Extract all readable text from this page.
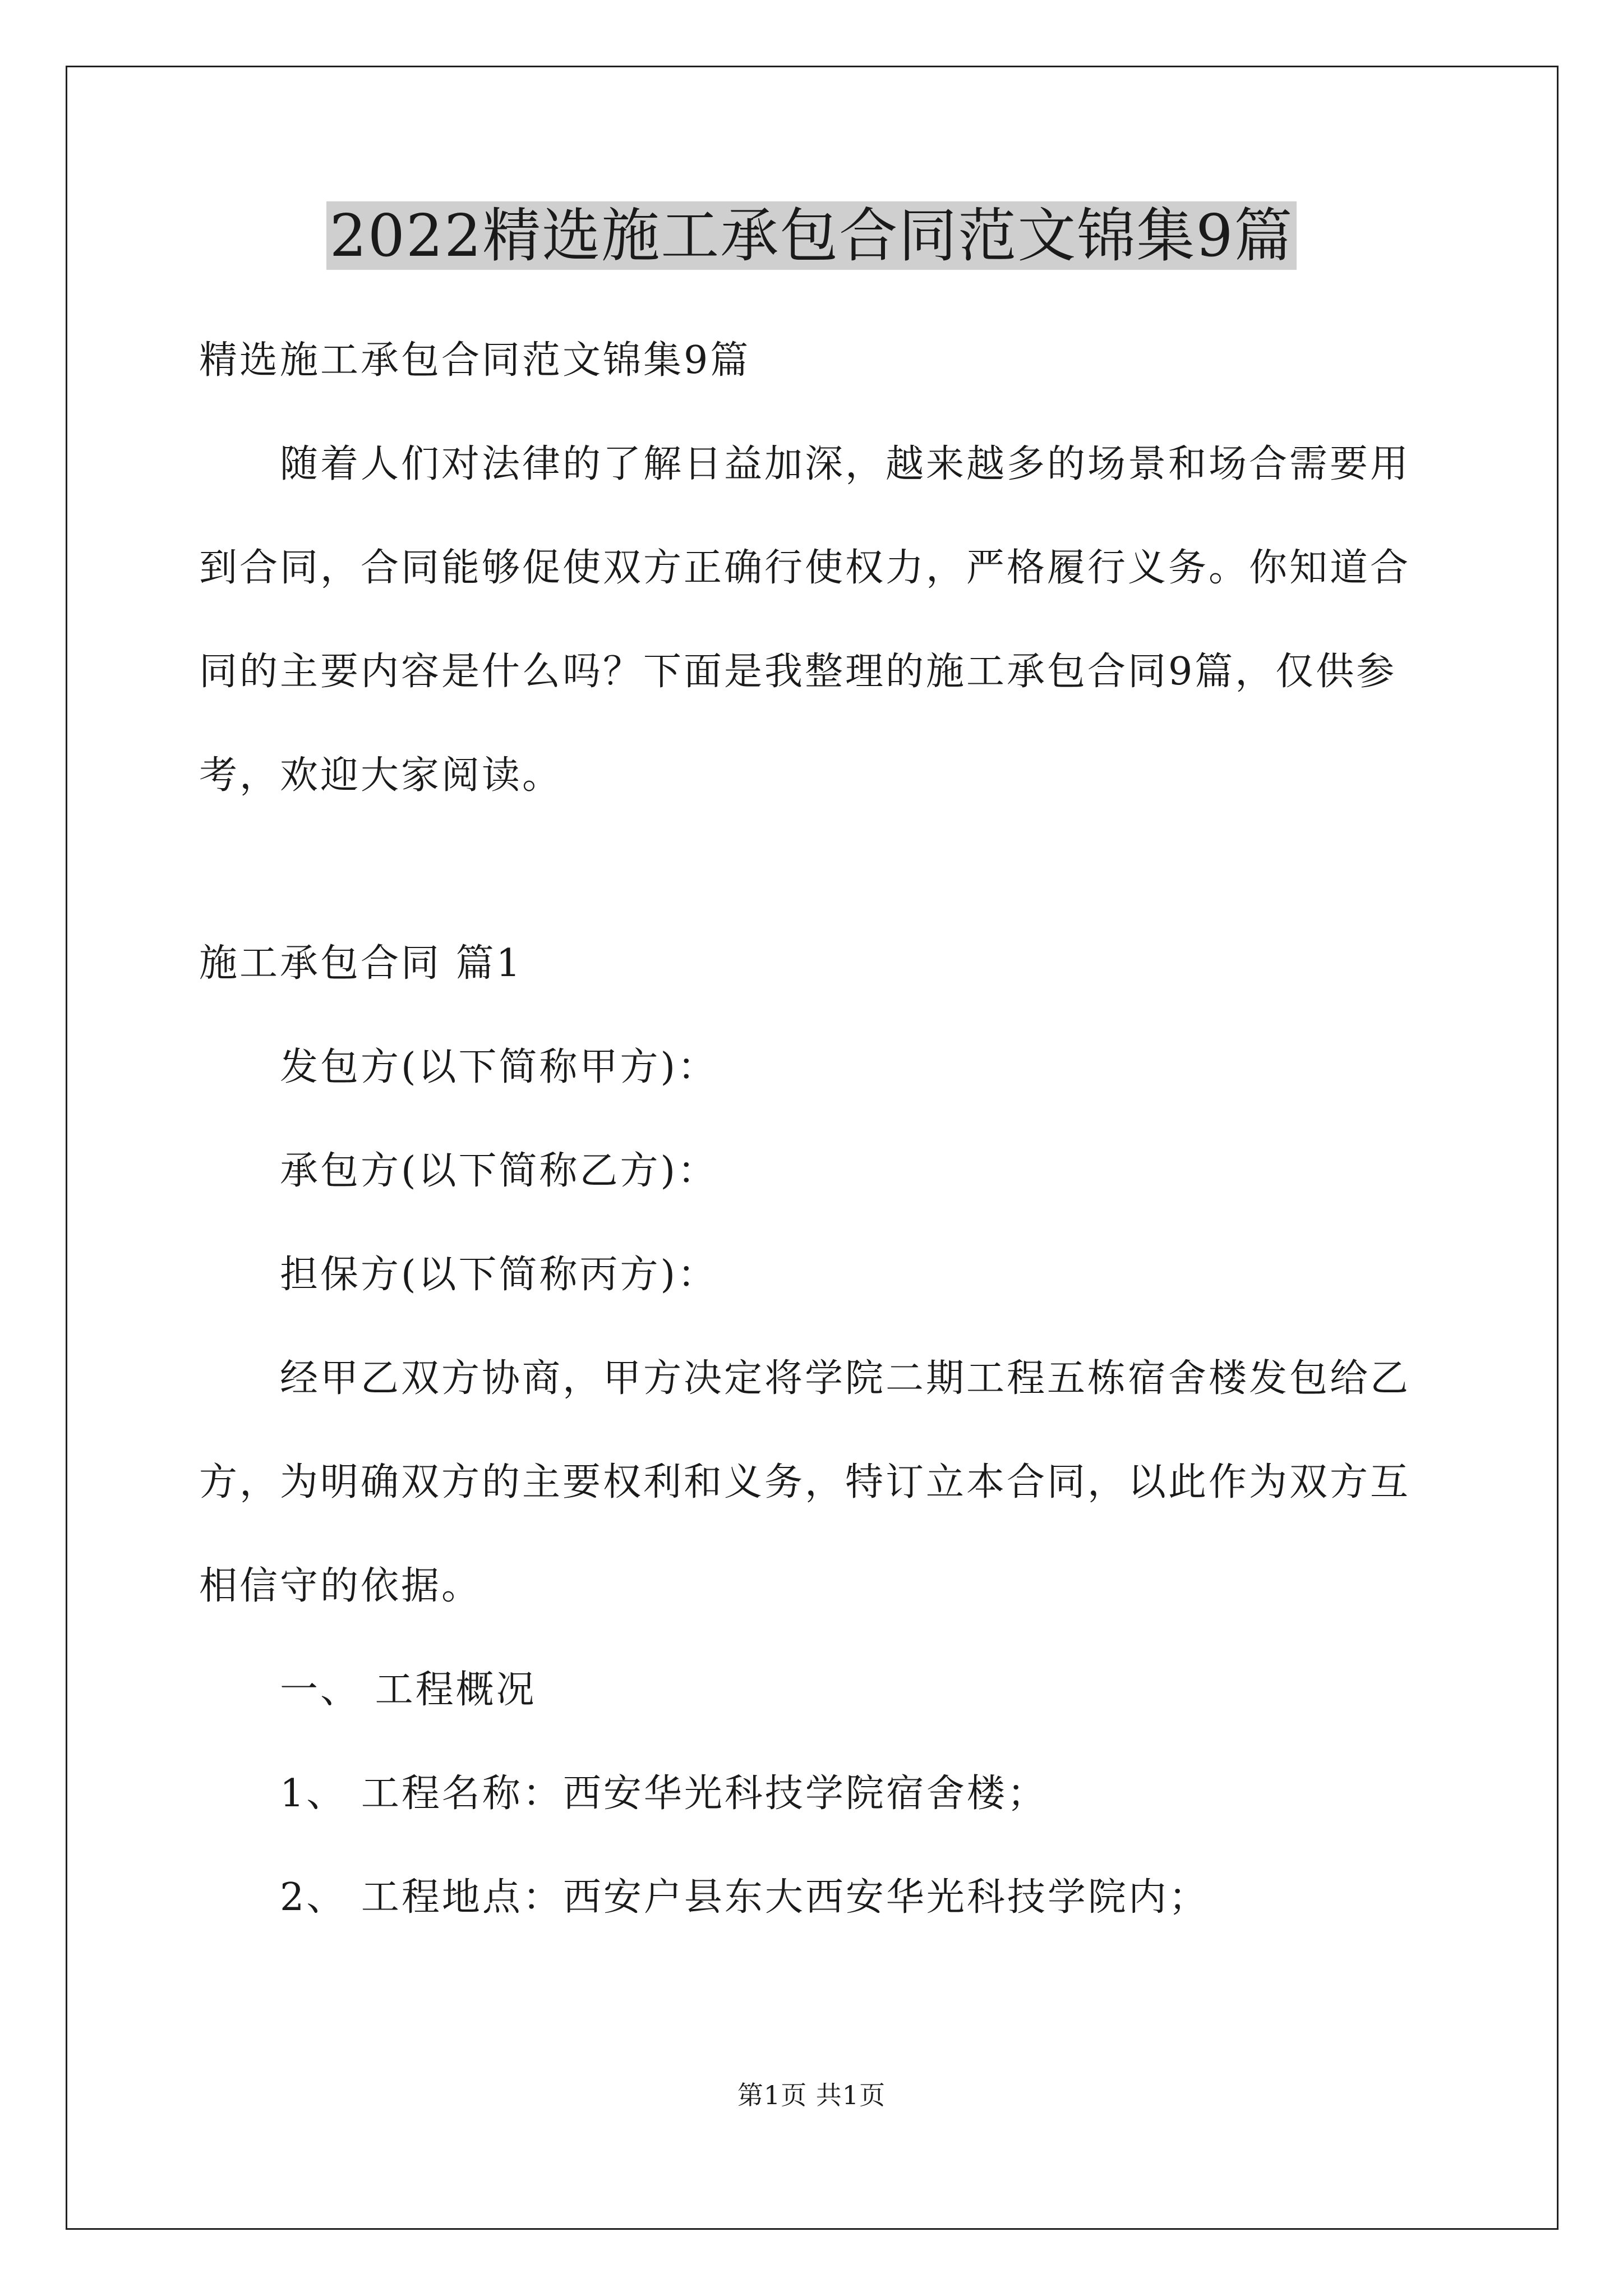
2022精选施工承包合同范文锦集9篇

精选施工承包合同范文锦集9篇

随着人们对法律的了解日益加深，越来越多的场景和场合需要用到合同，合同能够促使双方正确行使权力，严格履行义务。你知道合同的主要内容是什么吗？下面是我整理的施工承包合同9篇，仅供参考，欢迎大家阅读。

施工承包合同 篇1

发包方(以下简称甲方)：

承包方(以下简称乙方)：

担保方(以下简称丙方)：

经甲乙双方协商，甲方决定将学院二期工程五栋宿舍楼发包给乙方，为明确双方的主要权利和义务，特订立本合同，以此作为双方互相信守的依据。

一、 工程概况

1、 工程名称：西安华光科技学院宿舍楼；

2、 工程地点：西安户县东大西安华光科技学院内；

第1页 共1页
